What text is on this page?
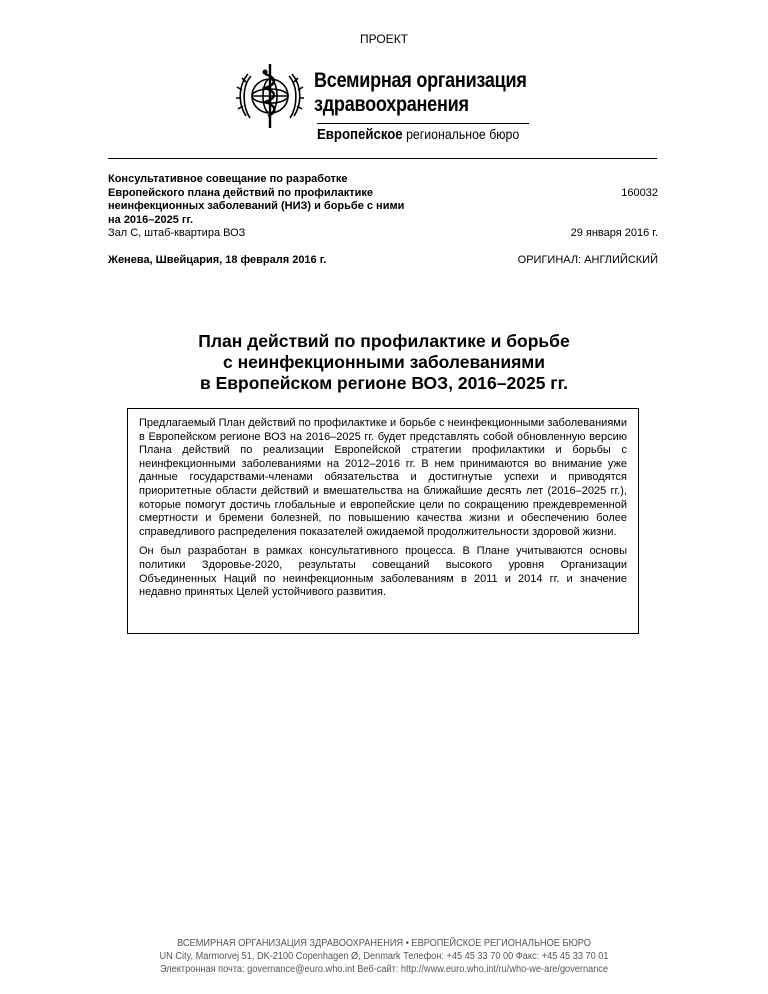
ПРОЕКТ
Всемирная организация
здравоохранения
Европейское региональное бюро
Консультативное совещание по разработке
Европейского плана действий по профилактике
неинфекционных заболеваний (НИЗ) и борьбе с ними
на 2016–2025 гг.
Зал C, штаб-квартира ВОЗ
160032
29 января 2016 г.
Женева, Швейцария, 18 февраля 2016 г.	ОРИГИНАЛ: АНГЛИЙСКИЙ
План действий по профилактике и борьбе
с неинфекционными заболеваниями
в Европейском регионе ВОЗ, 2016–2025 гг.

Предлагаемый План действий по профилактике и борьбе с неинфекционными заболеваниями в Европейском регионе ВОЗ на 2016–2025 гг. будет представлять собой обновленную версию Плана действий по реализации Европейской стратегии профилактики и борьбы с неинфекционными заболеваниями на 2012–2016 гг. В нем принимаются во внимание уже данные государствами-членами обязательства и достигнутые успехи и приводятся приоритетные области действий и вмешательства на ближайшие десять лет (2016–2025 гг.), которые помогут достичь глобальные и европейские цели по сокращению преждевременной смертности и бремени болезней, по повышению качества жизни и обеспечению более справедливого распределения показателей ожидаемой продолжительности здоровой жизни.

Он был разработан в рамках консультативного процесса. В Плане учитываются основы политики Здоровье-2020, результаты совещаний высокого уровня Организации Объединенных Наций по неинфекционным заболеваниям в 2011 и 2014 гг. и значение недавно принятых Целей устойчивого развития.

ВСЕМИРНАЯ ОРГАНИЗАЦИЯ ЗДРАВООХРАНЕНИЯ • ЕВРОПЕЙСКОЕ РЕГИОНАЛЬНОЕ БЮРО
UN City, Marmorvej 51, DK-2100 Copenhagen Ø, Denmark Телефон: +45 45 33 70 00 Факс: +45 45 33 70 01
Электронная почта: governance@euro.who.int Веб-сайт: http://www.euro.who.int/ru/who-we-are/governance
